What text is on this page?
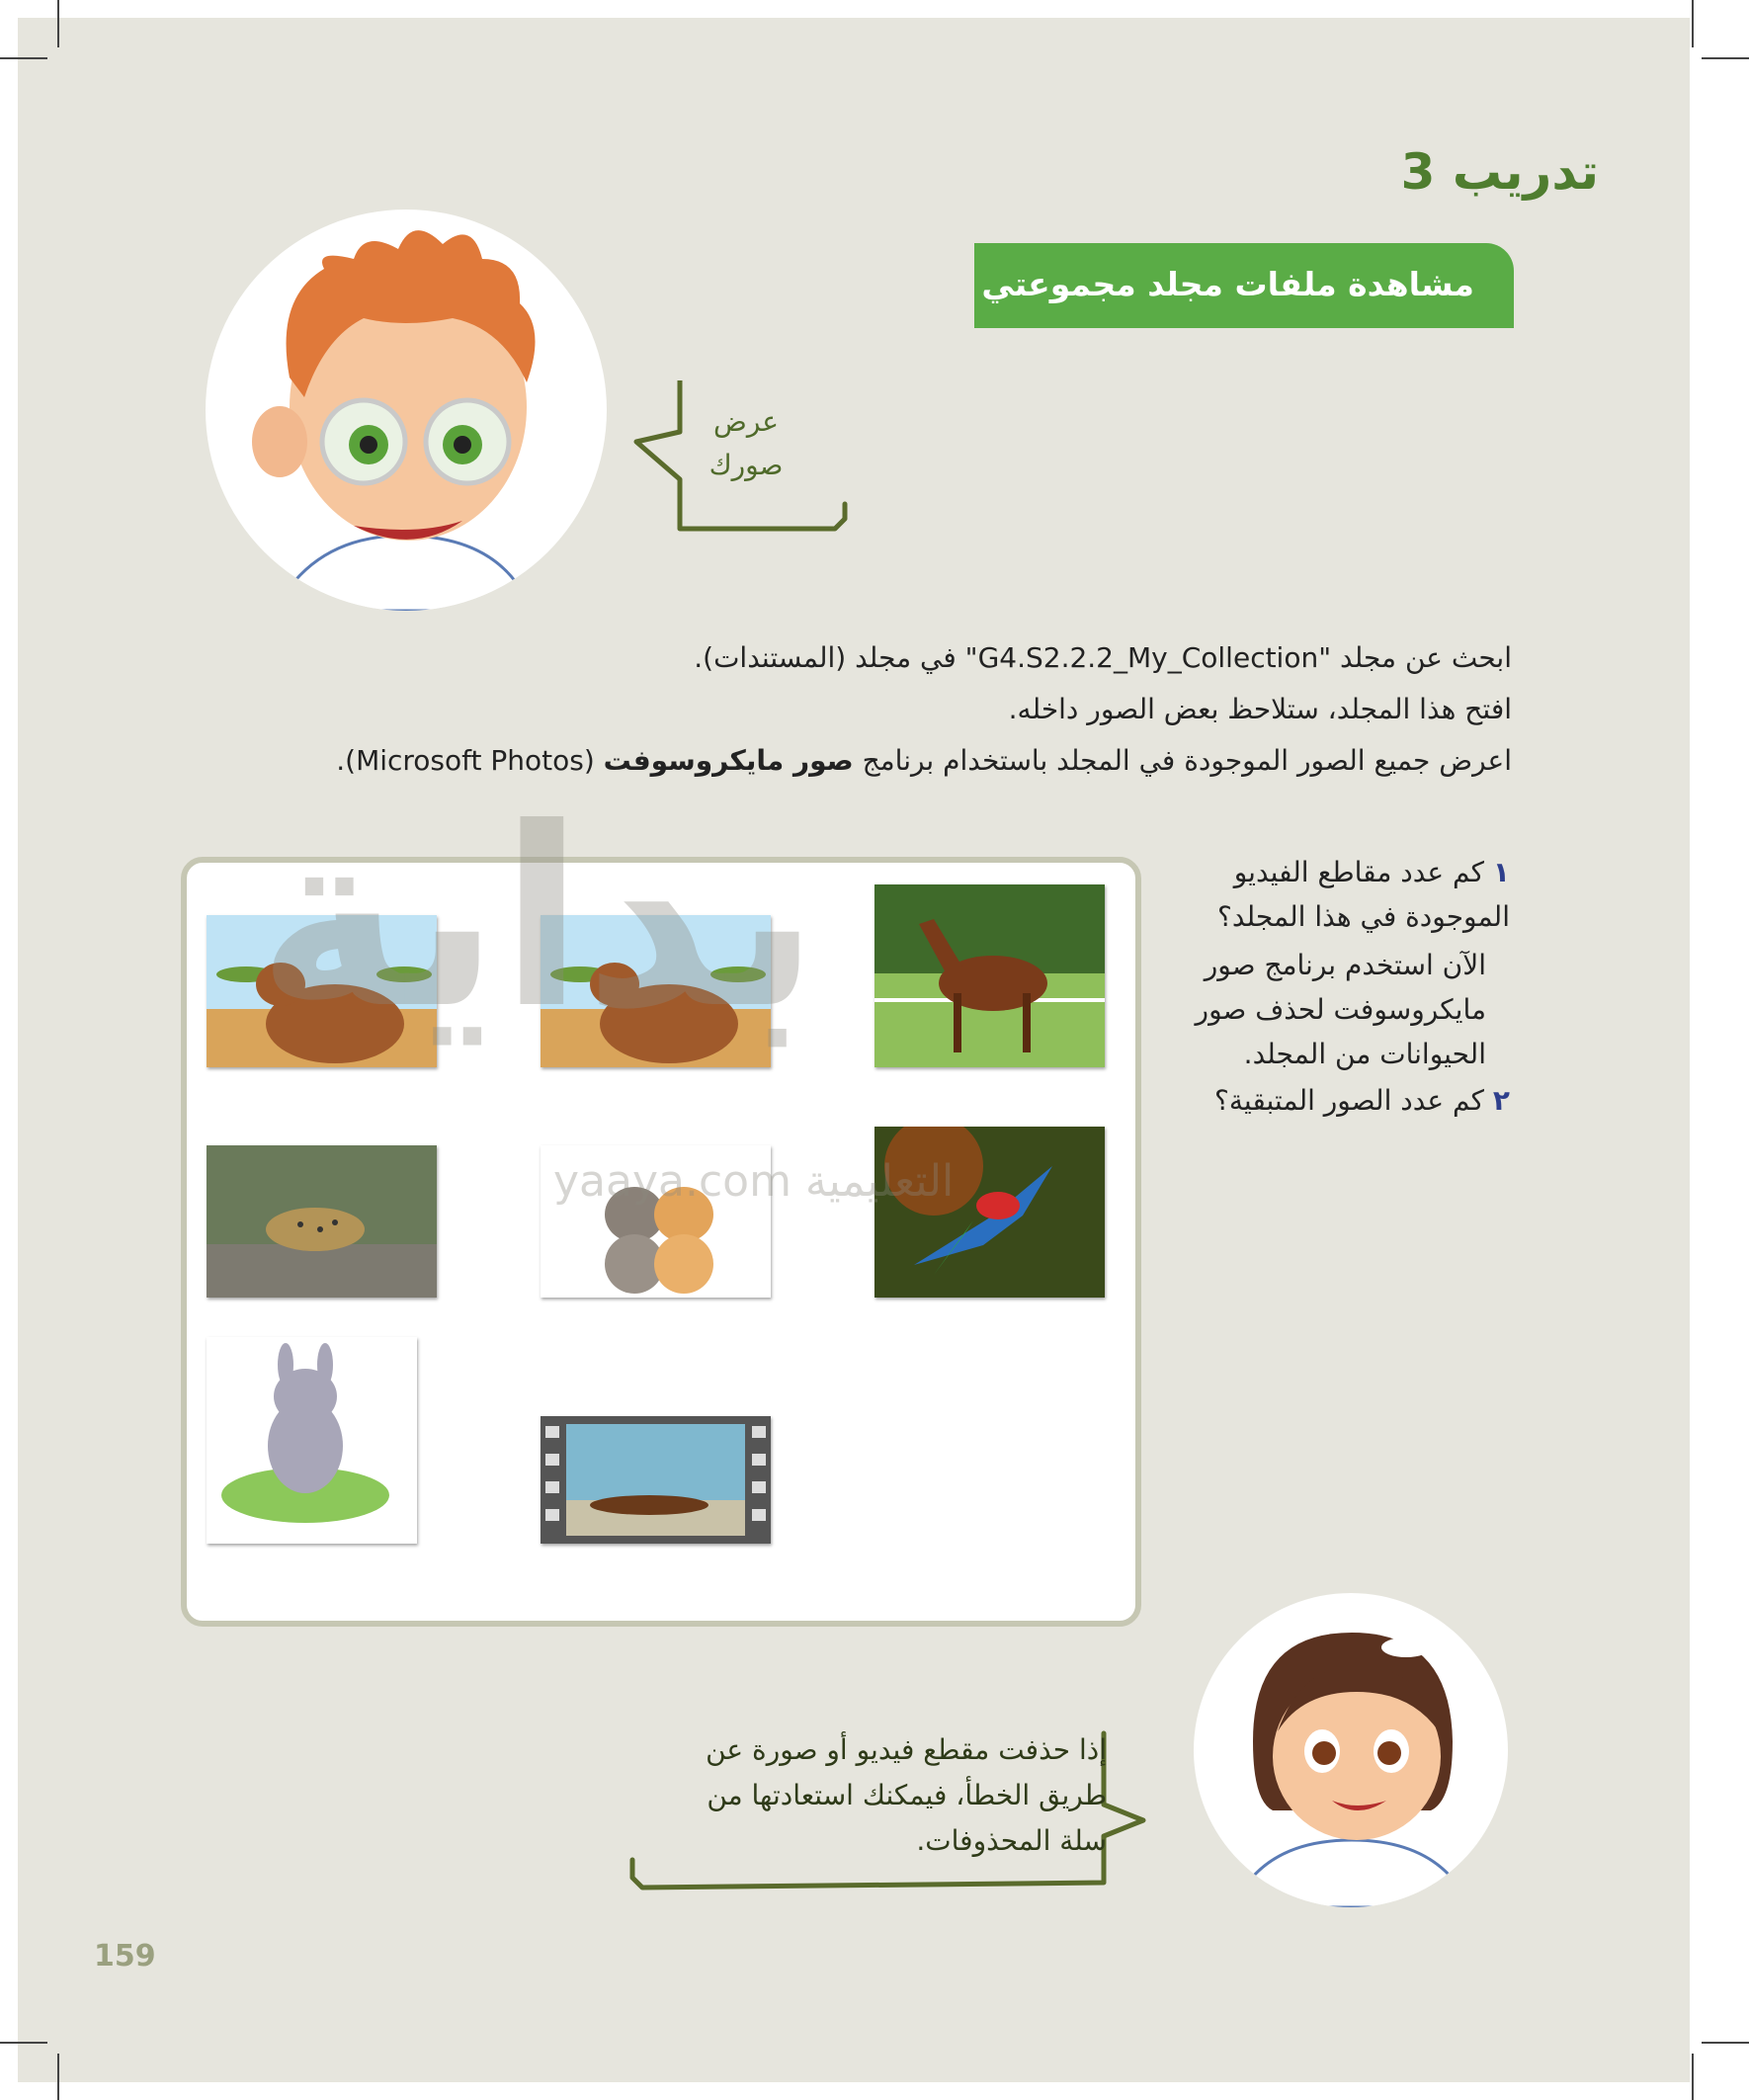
تدريب 3
مشاهدة ملفات مجلد مجموعتي
عرض
صورك
ابحث عن مجلد "G4.S2.2.2_My_Collection" في مجلد (المستندات).
افتح هذا المجلد، ستلاحظ بعض الصور داخله.
اعرض جميع الصور الموجودة في المجلد باستخدام برنامج صور مايكروسوفت (Microsoft Photos).
بداية
yaaya.com التعليمية
١ كم عدد مقاطع الفيديو الموجودة في هذا المجلد؟
الآن استخدم برنامج صور مايكروسوفت لحذف صور الحيوانات من المجلد.
٢ كم عدد الصور المتبقية؟
إذا حذفت مقطع فيديو أو صورة عن
طريق الخطأ، فيمكنك استعادتها من
سلة المحذوفات.
159
